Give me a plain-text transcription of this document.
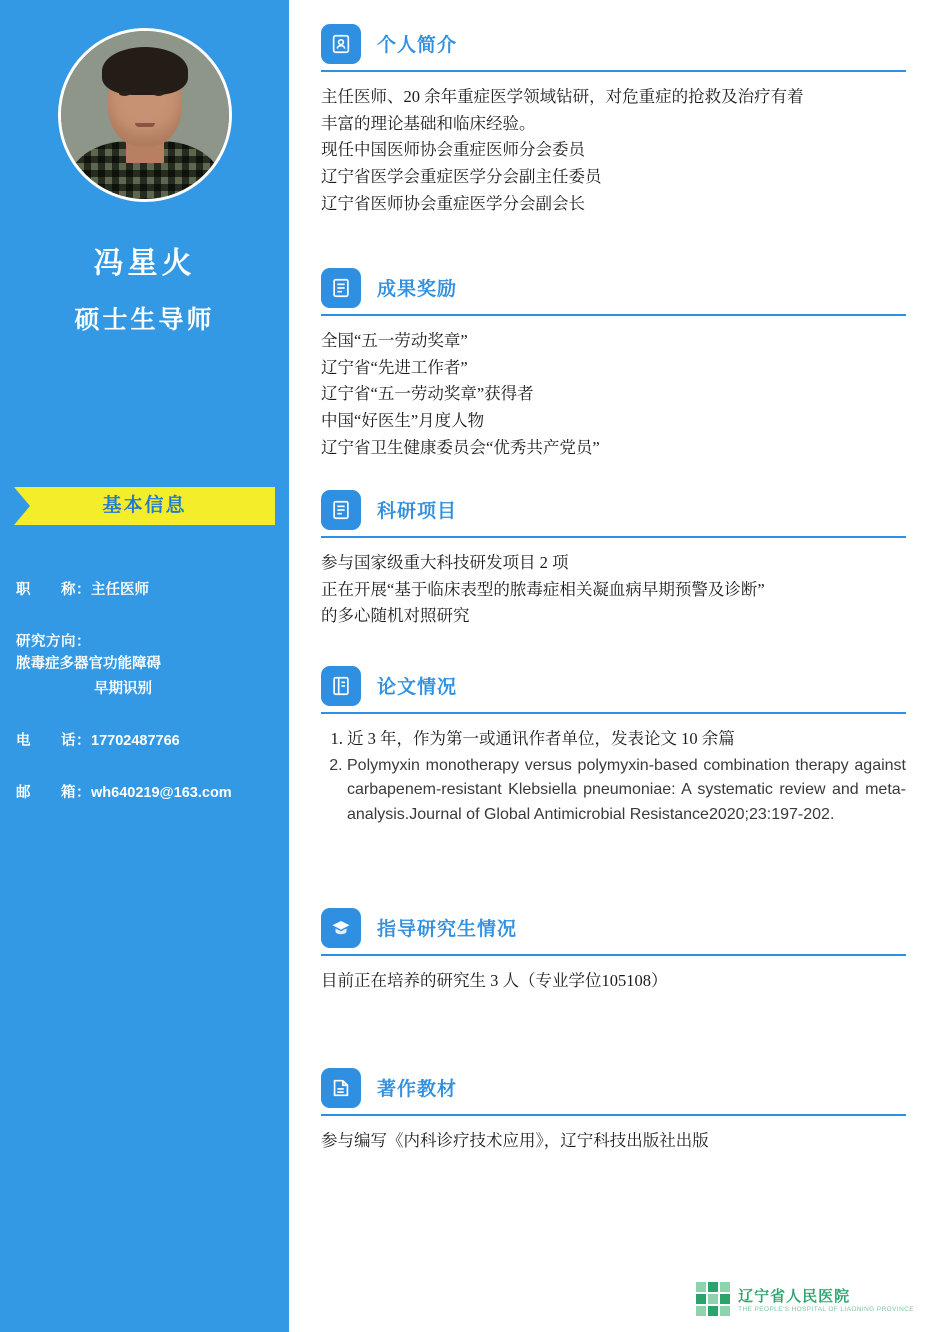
冯星火
硕士生导师
基本信息
职　　称：主任医师
研究方向：
脓毒症多器官功能障碍
早期识别
电　　话：17702487766
邮　　箱：wh640219@163.com
个人简介

主任医师、20 余年重症医学领域钻研，对危重症的抢救及治疗有着

丰富的理论基础和临床经验。

现任中国医师协会重症医师分会委员

辽宁省医学会重症医学分会副主任委员

辽宁省医师协会重症医学分会副会长

成果奖励

全国“五一劳动奖章”

辽宁省“先进工作者”

辽宁省“五一劳动奖章”获得者

中国“好医生”月度人物

辽宁省卫生健康委员会“优秀共产党员”

科研项目

参与国家级重大科技研发项目 2 项

正在开展“基于临床表型的脓毒症相关凝血病早期预警及诊断”

的多心随机对照研究

论文情况
1. 近 3 年，作为第一或通讯作者单位，发表论文 10 余篇
2. Polymyxin monotherapy versus polymyxin-based combination therapy against carbapenem-resistant Klebsiella pneumoniae: A systematic review and meta-analysis.Journal of Global Antimicrobial Resistance2020;23:197-202.
指导研究生情况

目前正在培养的研究生 3 人（专业学位105108）

著作教材

参与编写《内科诊疗技术应用》，辽宁科技出版社出版

辽宁省人民医院
THE PEOPLE'S HOSPITAL OF LIAONING PROVINCE
